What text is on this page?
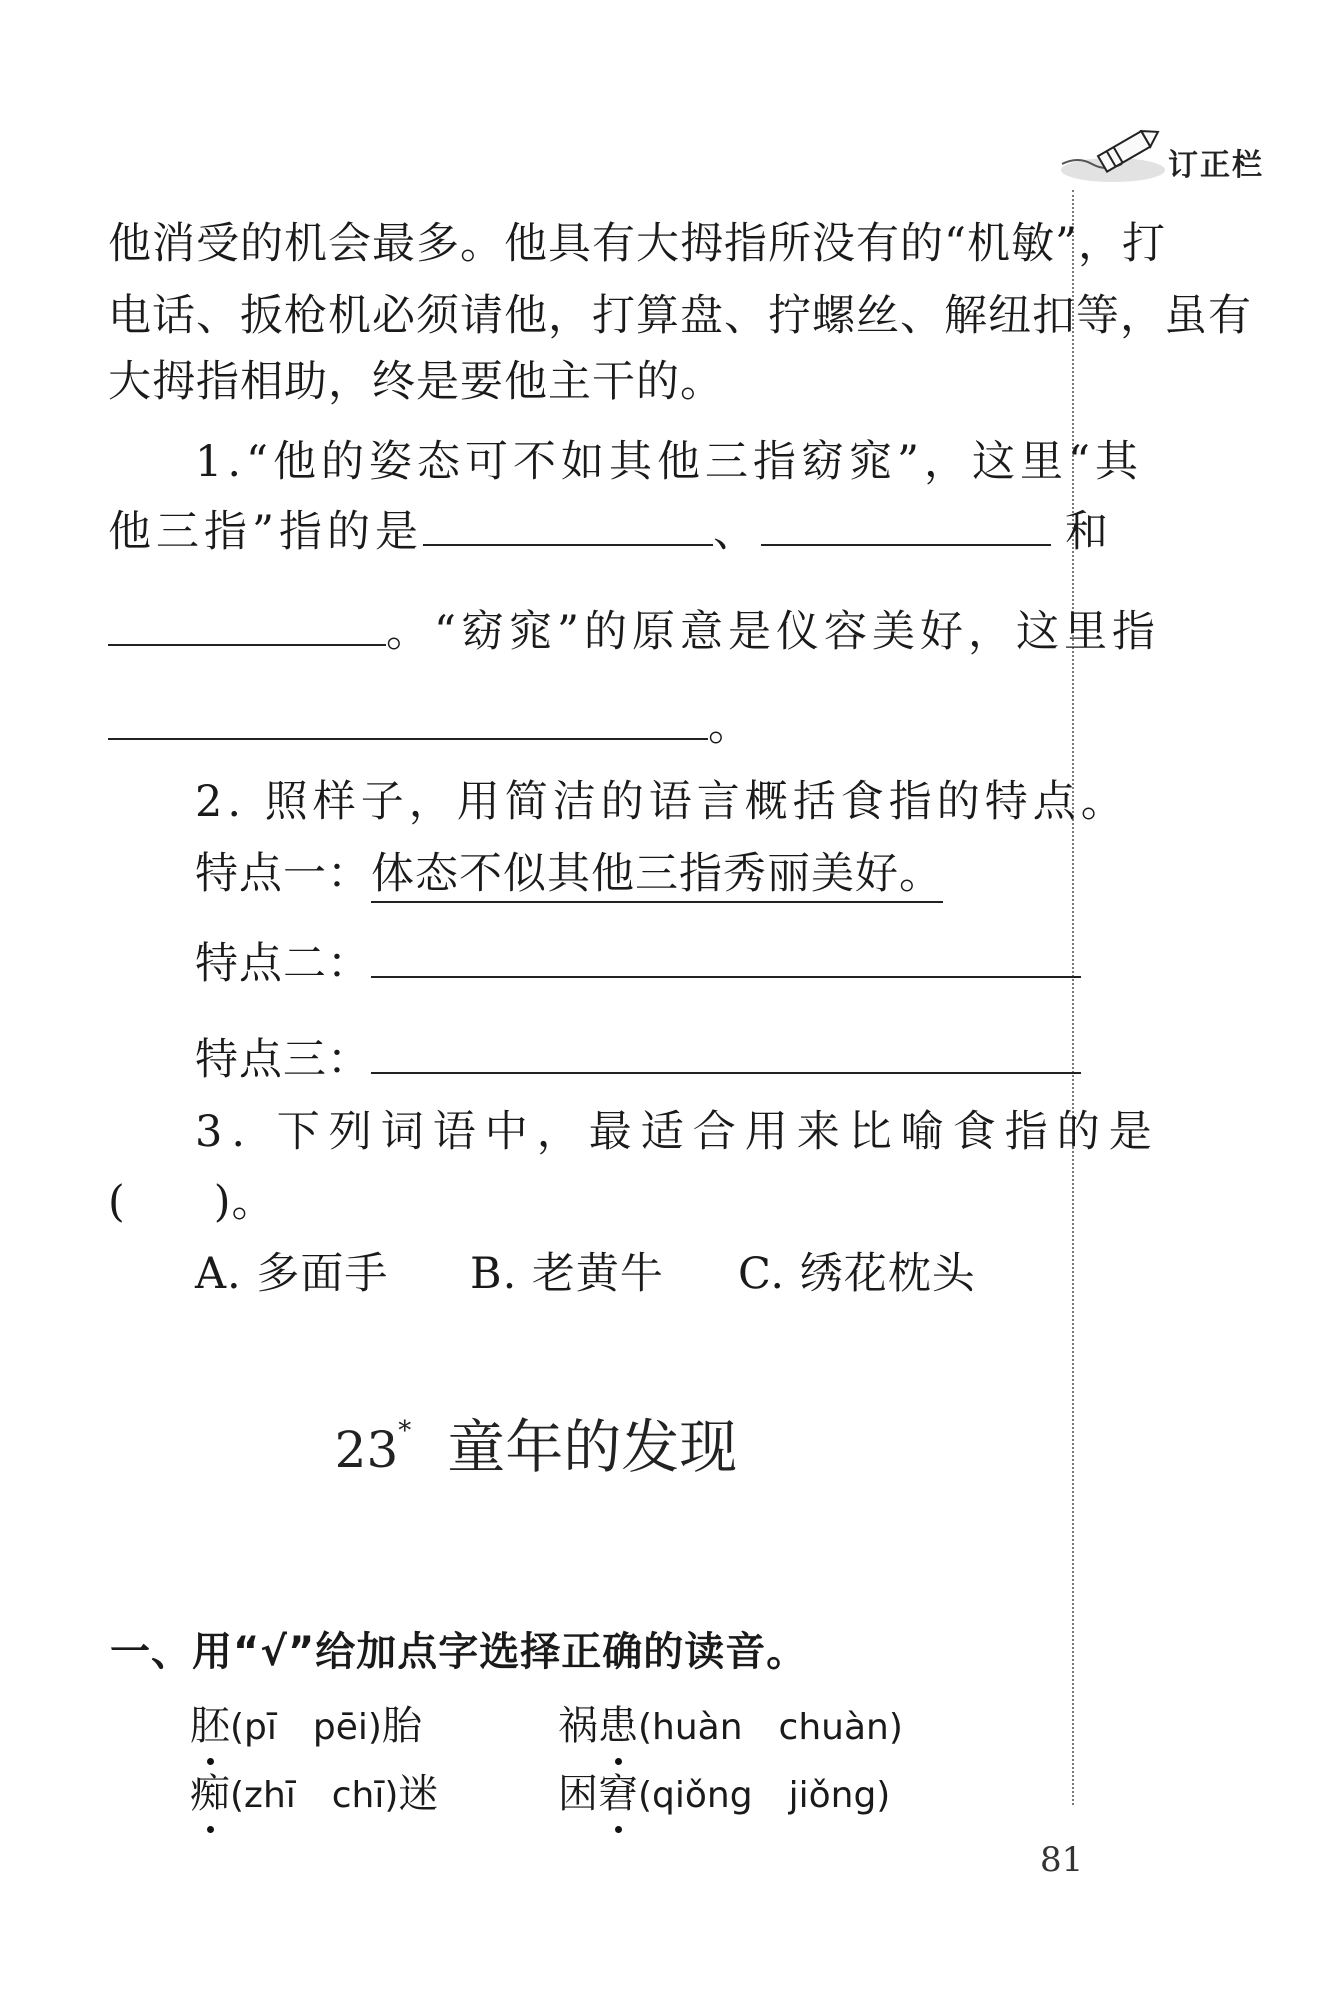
订正栏
他消受的机会最多。他具有大拇指所没有的“机敏”，打
电话、扳枪机必须请他，打算盘、拧螺丝、解纽扣等，虽有
大拇指相助，终是要他主干的。
1.“他的姿态可不如其他三指窈窕”，这里“其
他三指”指的是	、	和
。“窈窕”的原意是仪容美好，这里指
。
2. 照样子，用简洁的语言概括食指的特点。
特点一：体态不似其他三指秀丽美好。
特点二：
特点三：
3. 下列词语中，最适合用来比喻食指的是
(　　)。
A. 多面手 B. 老黄牛 C. 绣花枕头
23* 童年的发现
一、用“√”给加点字选择正确的读音。
胚(pī　pēi)胎	祸患(huàn　chuàn)
痴(zhī　chī)迷	困窘(qiǒng　jiǒng)
81
